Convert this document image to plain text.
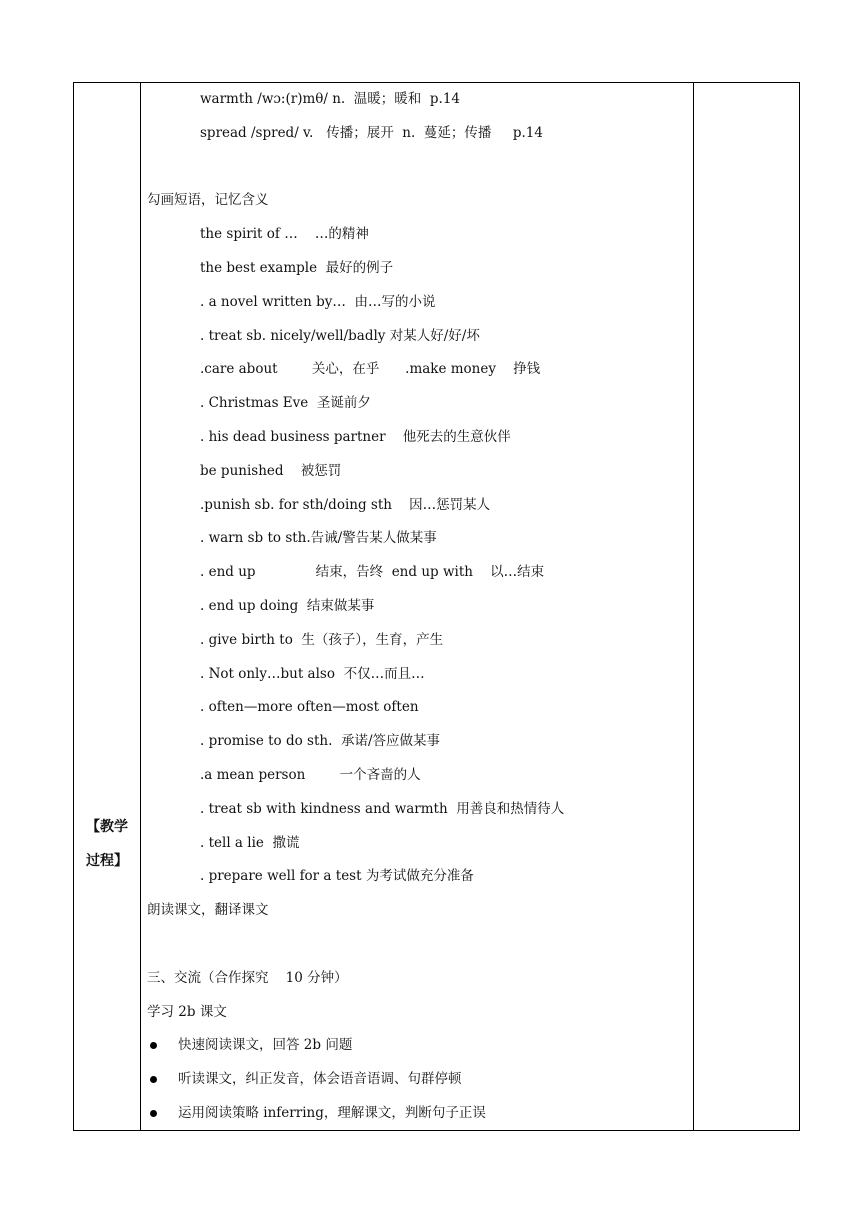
【教学
过程】
warmth /wɔ:(r)mθ/ n.  温暖；暖和  p.14
spread /spred/ v.   传播；展开  n.  蔓延；传播     p.14
勾画短语，记忆含义
the spirit of …    …的精神
the best example  最好的例子
. a novel written by…  由…写的小说
. treat sb. nicely/well/badly 对某人好/好/坏
.care about        关心，在乎      .make money    挣钱
. Christmas Eve  圣诞前夕
. his dead business partner    他死去的生意伙伴
be punished    被惩罚
.punish sb. for sth/doing sth    因…惩罚某人
. warn sb to sth.告诫/警告某人做某事
. end up              结束，告终  end up with    以…结束
. end up doing  结束做某事
. give birth to  生（孩子），生育，产生
. Not only…but also  不仅…而且…
. often—more often—most often
. promise to do sth.  承诺/答应做某事
.a mean person        一个吝啬的人
. treat sb with kindness and warmth  用善良和热情待人
. tell a lie  撒谎
. prepare well for a test 为考试做充分准备
朗读课文，翻译课文
三、交流（合作探究    10 分钟）
学习 2b 课文
快速阅读课文，回答 2b 问题
听读课文，纠正发音，体会语音语调、句群停顿
运用阅读策略 inferring，理解课文，判断句子正误
